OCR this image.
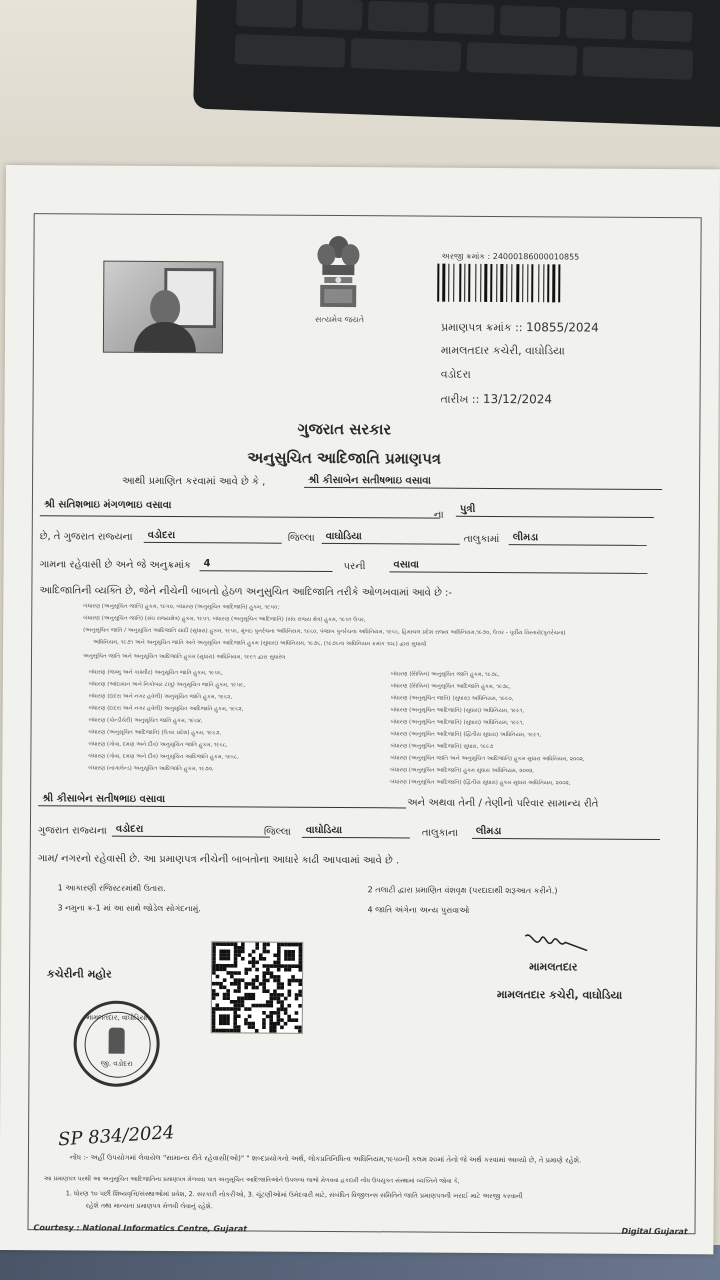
સત્યમેવ જયતે
અરજી ક્રમાંક : 24000186000010855
પ્રમાણપત્ર ક્રમાંક :: 10855/2024
મામલતદાર કચેરી, વાઘોડિયા
વડોદરા
તારીખ :: 13/12/2024
ગુજરાત સરકાર
અનુસુચિત આદિજાતિ પ્રમાણપત્ર
આથી પ્રમાણિત કરવામાં આવે છે કે ,	શ્રી કીસાબેન સતીષભાઇ વસાવા
શ્રી સતિશભાઇ મંગળભાઇ વસાવા
ના
પુત્રી
છે, તે ગુજરાત રાજ્યના	વડોદરા	જિલ્લા	વાઘોડિયા	તાલુકામાં	લીમડા
ગામના રહેવાસી છે અને જે અનુક્રમાંક	4	પરની	વસાવા
આદિજાતિની વ્યક્તિ છે, જેને નીચેની બાબતો હેઠળ અનુસુચિત આદિજાતિ તરીકે ઓળખવામાં આવે છે :-
બંધારણ (અનુસૂચિત જાતિ) હુકમ, ૧૯૫૦, બંધારણ (અનુસૂચિત આદિજાતિ) હુકમ, ૧૯૫૦;
બંધારણ (અનુસૂચિત જાતિ) (સંઘ રાજ્યક્ષેત્ર) હુકમ, ૧૯૫૧, બંધારણ (અનુસૂચિત આદિજાતિ) (સંઘ રાજ્ય ક્ષેત્ર) હુકમ, ૧૯૫૧ ઉપર,
(અનુસૂચિત જાતિ / અનુસૂચિત આદિજાતિ યાદી (સુધારા) હુકમ, ૧૯૫૬, મુંબઇ પુનર્રચના અધિનિયમ, ૧૯૬૦, પંજાબ પુનર્રચના અધિનિયમ, ૧૯૬૬, હિમાચલ પ્રદેશ રાજ્ય અધિનિયમ,૧૯૭૦, ઉત્તર - પૂર્વીય વિસ્તારો(પુનર્રચના)
અધિનિયમ, ૧૯૭૧ અને અનુસૂચિત જાતિ અને અનુસૂચિત આદિજાતિ હુકમ (સુધારા) અધિનિયમ, ૧૯૭૬, (૧૯૭૬ના અધિનિયમ ક્રમાંક ૧૦૮) દ્વારા સુધાર્યા
અનુસૂચિત જાતિ અને અનુસૂચિત આદિજાતિ હુકમ (સુધારા) અધિનિયમ, ૧૯૯૧ દ્વારા સુધારેલ
શ્રી કીસાબેન સતીષભાઇ વસાવા	અને અથવા તેની / તેણીનો પરિવાર સામાન્ય રીતે
ગુજરાત રાજ્યના વડોદરા	જિલ્લા	વાઘોડિયા	તાલુકાના	લીમડા
ગામ/ નગરનો રહેવાસી છે. આ પ્રમાણપત્ર નીચેની બાબતોના આધારે કાઢી આપવામાં આવે છે .
1 આકારણી રજિસ્ટરમાંથી ઉતારા.	2 તલાટી દ્વારા પ્રમાણિત વંશવૃક્ષ (પરદાદાથી શરૂઆત કરીને.)
3 નમુના ક્ર-1 માં આ સાથે જોડેલ સોગંદનામું.	4 જાતિ અંગેના અન્ય પુરાવાઓ
મામલતદાર
મામલતદાર કચેરી, વાઘોડિયા
કચેરીની મહોર
મામલતદાર, વાઘોડિયા
જી. વડોદરા
SP 834/2024
નોંધ :- અહીં ઉપયોગમાં લેવાયેલ "સામાન્ય રીતે રહેવાસી(ઓ)" " શબ્દપ્રયોગનો અર્થ, લોકપ્રતિનિધિત્વ અધિનિયમ,૧૯૫૦ની કલમ ૨૦માં તેનો જે અર્થ કરવામાં આવ્યો છે, તે પ્રમાણે રહેશે.
આ પ્રમાણપત્ર પરથી આ અનુસૂચિત આદિજાતિના પ્રમાણપત્ર મેળવવા પાત્ર અનુસૂચિત આદિજાતિઓને ઉપલબ્ધ લાભો મેળવવા હકદારી નોંધ ઉપયુક્ત સંસ્થામાં વ્યક્તિને જોવા કે,
1. ધોરણ ૧૦ પછી શિષ્યવૃત્તિ/સંસ્થાઓમાં પ્રવેશ, 2. સરકારી નોકરીઓ, 3. ચૂંટણીઓમાં ઉમેદવારી માટે, સંબંધિત વિજીલન્સ સમિતિને જાતિ પ્રમાણપત્રની ખરાઈ માટે અરજી કરવાની
રહેશે તથા માન્યતા પ્રમાણપત્ર મેળવી લેવાનું રહેશે.
Courtesy : National Informatics Centre, Gujarat	Digital Gujarat
બંધારણ (જમ્મુ અને કાશ્મીર) અનુસૂચિત જાતિ હુકમ, ૧૯૫૬,
બંધારણ (આંદામાન અને નિકોબાર ટાપુ) અનુસૂચિત જાતિ હુકમ, ૧૯૫૯,
બંધારણ (દાદરા અને નગર હવેલી) અનુસૂચિત જાતિ હુકમ, ૧૯૬૨,
બંધારણ (દાદરા અને નગર હવેલી) અનુસૂચિત આદિજાતિ હુકમ, ૧૯૬૨,
બંધારણ (પોન્ડીચેરી) અનુસૂચિત જાતિ હુકમ, ૧૯૬૪,
બંધારણ (અનુસૂચિત આદિજાતિ) (ઉત્તર પ્રદેશ) હુકમ, ૧૯૬૭,
બંધારણ (ગોવા, દમણ અને દીવ) અનુસૂચિત જાતિ હુકમ, ૧૯૬૮,
બંધારણ (ગોવા, દમણ અને દીવ) અનુસૂચિત આદિજાતિ હુકમ, ૧૯૬૮,
બંધારણ (નાગાલેન્ડ) અનુસૂચિત આદિજાતિ હુકમ, ૧૯૭૦,
બંધારણ (સિક્કિમ) અનુસૂચિત જાતિ હુકમ, ૧૯૭૮,
બંધારણ (સિક્કિમ) અનુસૂચિત આદિજાતિ હુકમ, ૧૯૭૮,
બંધારણ (અનુસૂચિત જાતિ) (સુધારા) અધિનિયમ, ૧૯૯૦,
બંધારણ (અનુસૂચિત આદિજાતિ) (સુધારા) અધિનિયમ, ૧૯૯૧,
બંધારણ (અનુસૂચિત આદિજાતિ) (સુધારા) અધિનિયમ, ૧૯૯૧,
બંધારણ (અનુસૂચિત આદિજાતિ) (દ્વિતીય સુધારા) અધિનિયમ, ૧૯૯૧,
બંધારણ (અનુસૂચિત આદિજાતિ) સુધારા, ૧૯૯૭
બંધારણ (અનુસૂચિત જાતિ અને અનુસૂચિત આદિજાતિ) હુકમ સુધારા અધિનિયમ, ૨૦૦૨,
બંધારણ (અનુસૂચિત આદિજાતિ) હુકમ સુધારા અધિનિયમ, ૨૦૦૨,
બંધારણ (અનુસૂચિત આદિજાતિ) (દ્વિતીય સુધારા) હુકમ સુધારા અધિનિયમ, ૨૦૦૨,
